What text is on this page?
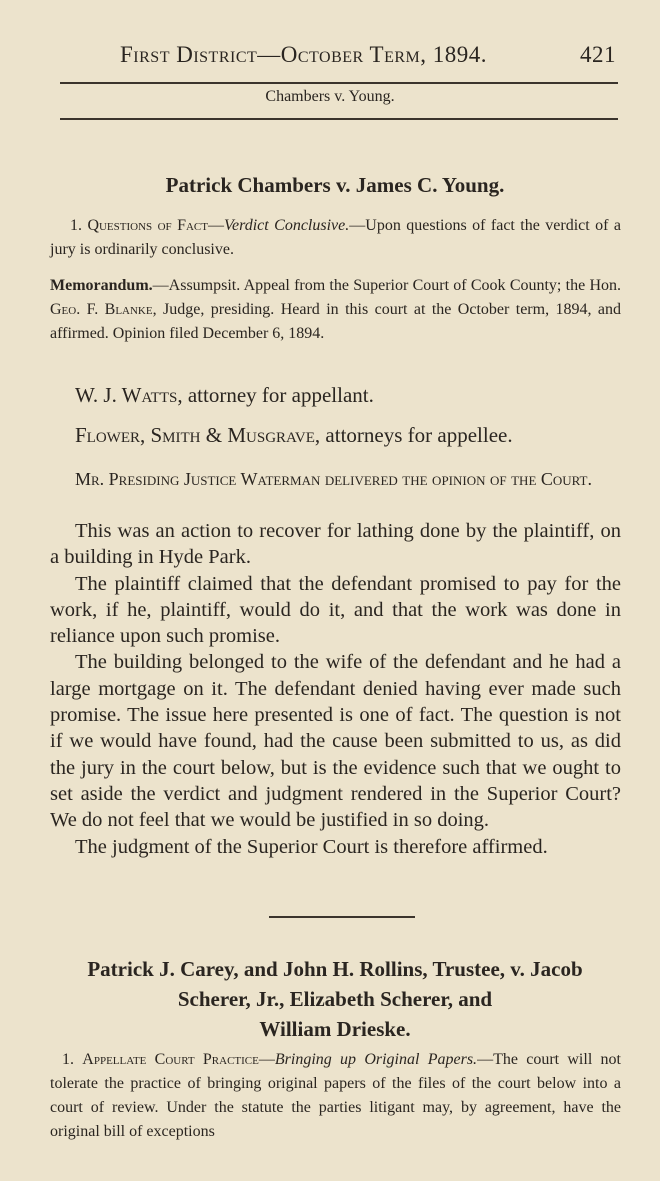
First District—October Term, 1894.	421
Chambers v. Young.
Patrick Chambers v. James C. Young.

1. Questions of Fact—Verdict Conclusive.—Upon questions of fact the verdict of a jury is ordinarily conclusive.

Memorandum.—Assumpsit. Appeal from the Superior Court of Cook County; the Hon. Geo. F. Blanke, Judge, presiding. Heard in this court at the October term, 1894, and affirmed. Opinion filed December 6, 1894.

W. J. Watts, attorney for appellant.

Flower, Smith & Musgrave, attorneys for appellee.

Mr. Presiding Justice Waterman delivered the opinion of the Court.

This was an action to recover for lathing done by the plaintiff, on a building in Hyde Park.

The plaintiff claimed that the defendant promised to pay for the work, if he, plaintiff, would do it, and that the work was done in reliance upon such promise.

The building belonged to the wife of the defendant and he had a large mortgage on it. The defendant denied having ever made such promise. The issue here presented is one of fact. The question is not if we would have found, had the cause been submitted to us, as did the jury in the court below, but is the evidence such that we ought to set aside the verdict and judgment rendered in the Superior Court? We do not feel that we would be justified in so doing.

The judgment of the Superior Court is therefore affirmed.

Patrick J. Carey, and John H. Rollins, Trustee, v. Jacob
Scherer, Jr., Elizabeth Scherer, and
William Drieske.

1. Appellate Court Practice—Bringing up Original Papers.—The court will not tolerate the practice of bringing original papers of the files of the court below into a court of review. Under the statute the parties litigant may, by agreement, have the original bill of exceptions
